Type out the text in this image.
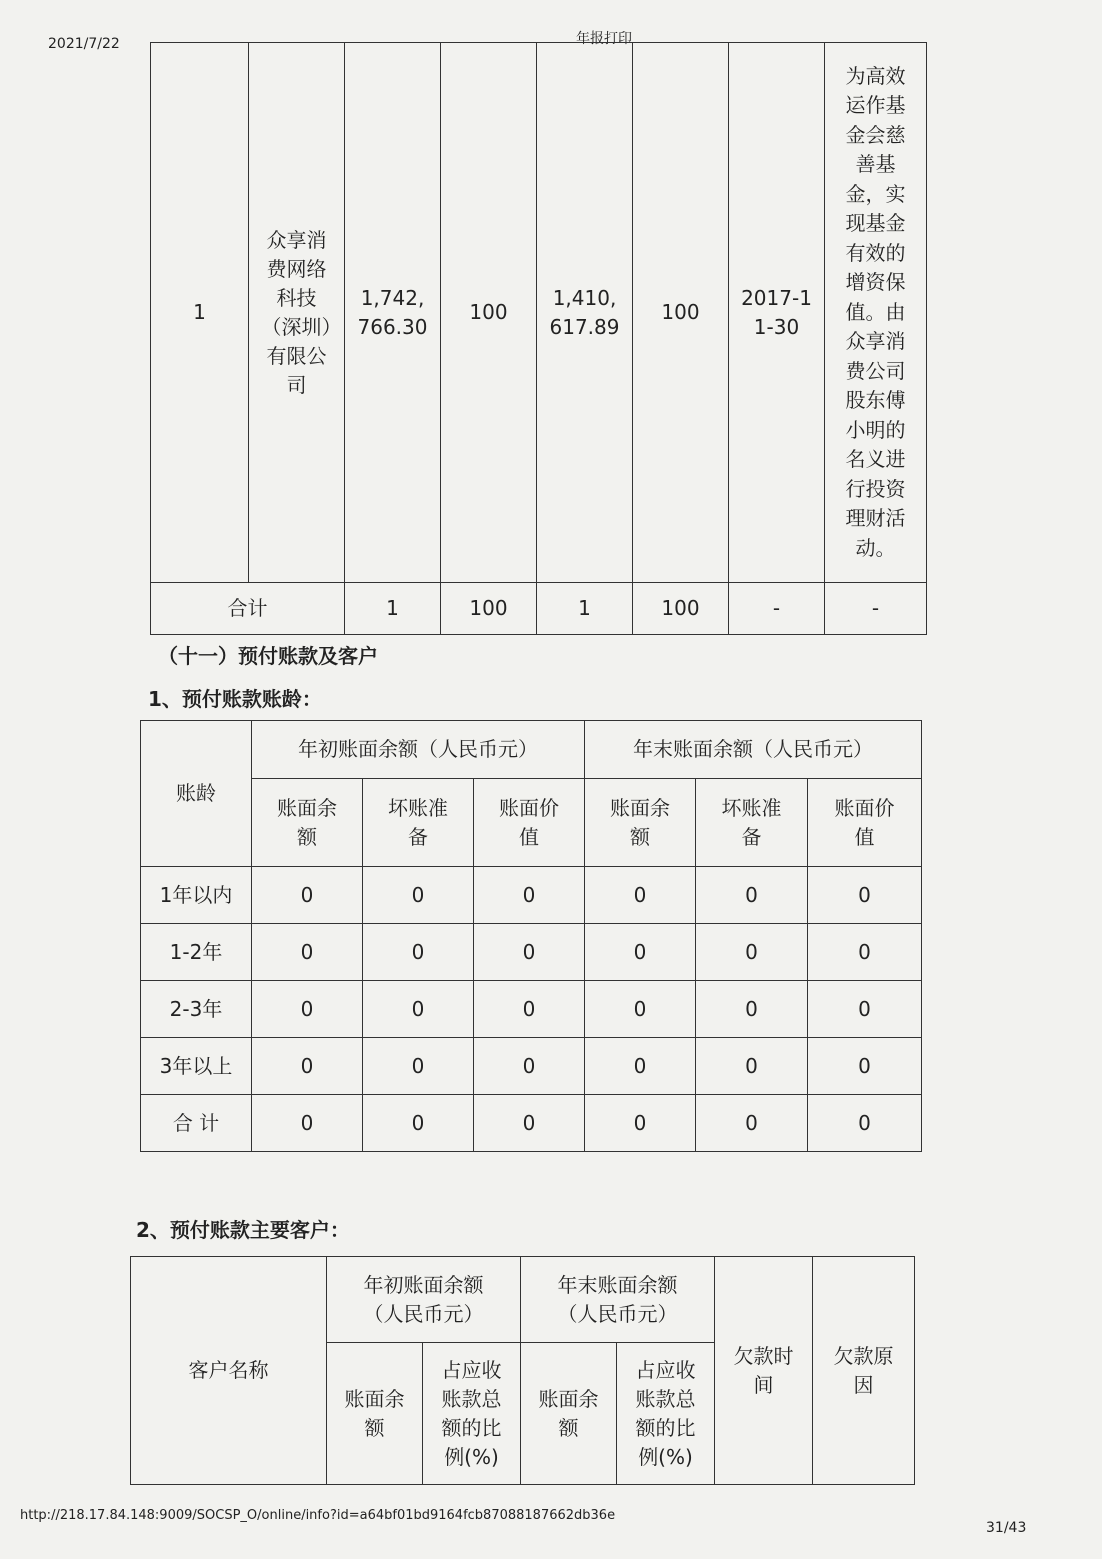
2021/7/22	年报打印
1	众享消费网络科技（深圳）有限公司	1,742,766.30	100	1,410,617.89	100	2017-11-30	为高效运作基金会慈善基金，实现基金有效的增资保值。由众享消费公司股东傅小明的名义进行投资理财活动。
合计		1	100	1	100	-	-
（十一）预付账款及客户
1、预付账款账龄：
账龄	年初账面余额（人民币元）			年末账面余额（人民币元）		
	账面余额	坏账准备	账面价值	账面余额	坏账准备	账面价值
1年以内	0	0	0	0	0	0
1-2年	0	0	0	0	0	0
2-3年	0	0	0	0	0	0
3年以上	0	0	0	0	0	0
合 计	0	0	0	0	0	0
2、预付账款主要客户：
客户名称	年初账面余额（人民币元）		年末账面余额（人民币元）		欠款时间	欠款原因
	账面余额	占应收账款总额的比例(%)	账面余额	占应收账款总额的比例(%)		
http://218.17.84.148:9009/SOCSP_O/online/info?id=a64bf01bd9164fcb87088187662db36e
31/43
